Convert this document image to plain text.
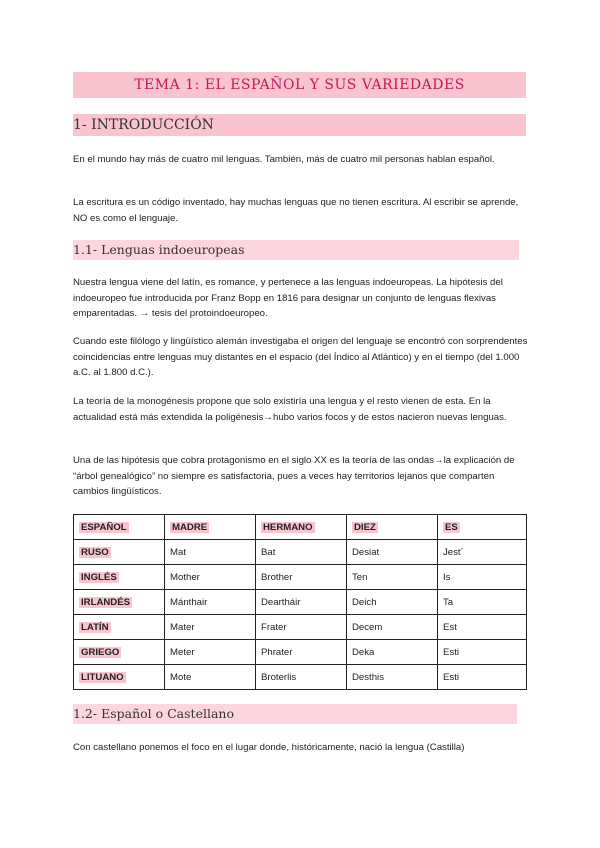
TEMA 1: EL ESPAÑOL Y SUS VARIEDADES
1- INTRODUCCIÓN
En el mundo hay más de cuatro mil lenguas. También, más de cuatro mil personas hablan español.
La escritura es un código inventado, hay muchas lenguas que no tienen escritura. Al escribir se aprende, NO es como el lenguaje.
1.1- Lenguas indoeuropeas
Nuestra lengua viene del latín, es romance, y pertenece a las lenguas indoeuropeas. La hipótesis del indoeuropeo fue introducida por Franz Bopp en 1816 para designar un conjunto de lenguas flexivas emparentadas. → tesis del protoindoeuropeo.
Cuando este filólogo y lingüístico alemán investigaba el origen del lenguaje se encontró con sorprendentes coincidencias entre lenguas muy distantes en el espacio (del Índico al Atlántico) y en el tiempo (del 1.000 a.C. al 1.800 d.C.).
La teoría de la monogénesis propone que solo existiría una lengua y el resto vienen de esta. En la actualidad está más extendida la poligénesis→hubo varios focos y de estos nacieron nuevas lenguas.
Una de las hipótesis que cobra protagonismo en el siglo XX es la teoría de las ondas→la explicación de “árbol genealógico” no siempre es satisfactoria, pues a veces hay territorios lejanos que comparten cambios lingüísticos.
ESPAÑOL	MADRE	HERMANO	DIEZ	ES
RUSO	Mat	Bat	Desiat	Jest´
INGLÉS	Mother	Brother	Ten	Is
IRLANDÉS	Mánthair	Deartháir	Deich	Ta
LATÍN	Mater	Frater	Decem	Est
GRIEGO	Meter	Phrater	Deka	Esti
LITUANO	Mote	Broterlis	Desthis	Esti
1.2- Español o Castellano
Con castellano ponemos el foco en el lugar donde, históricamente, nació la lengua (Castilla)
